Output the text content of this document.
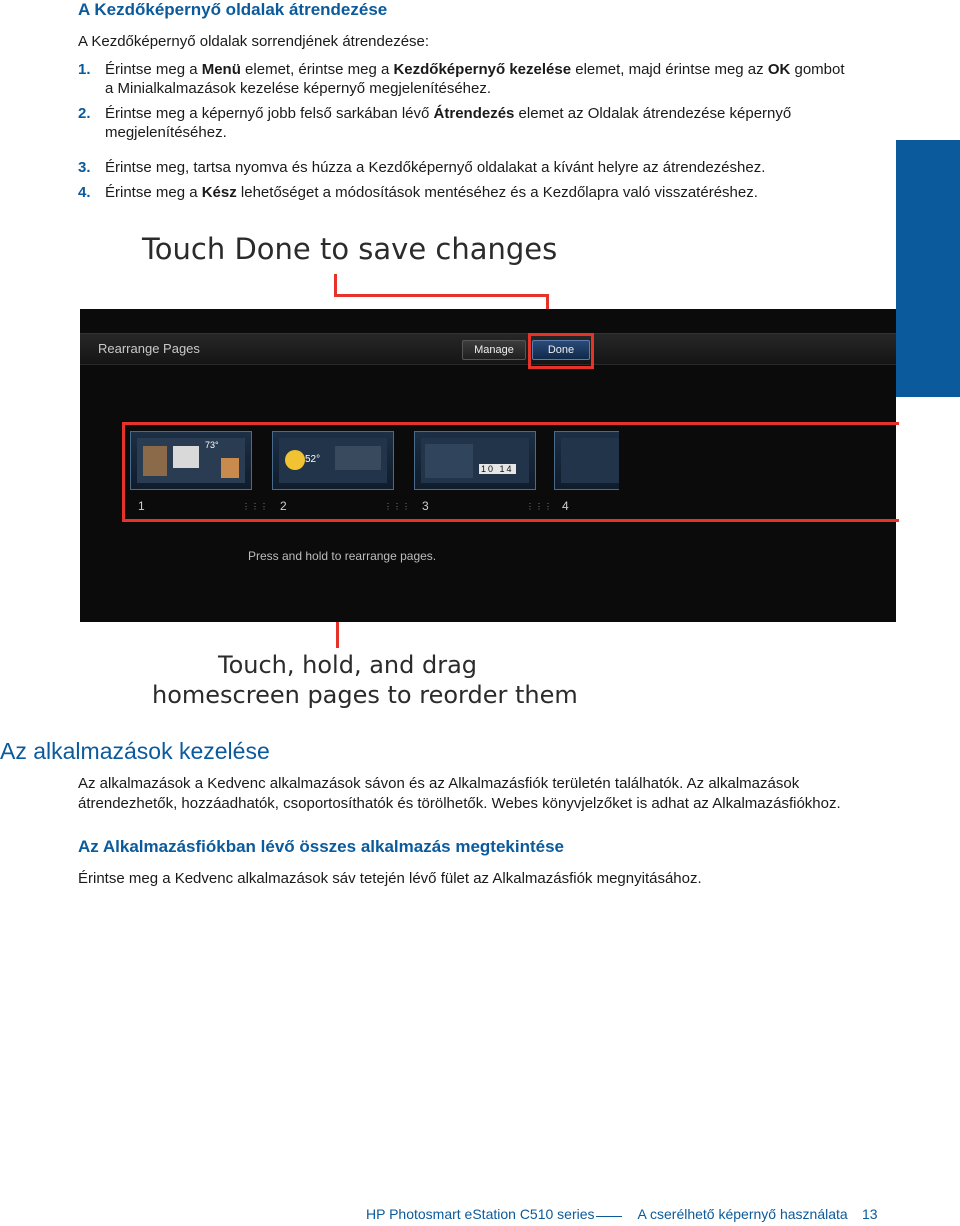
A Kezdőképernyő oldalak átrendezése
A Kezdőképernyő oldalak sorrendjének átrendezése:
1. Érintse meg a Menü elemet, érintse meg a Kezdőképernyő kezelése elemet, majd érintse meg az OK gombot
a Minialkalmazások kezelése képernyő megjelenítéséhez.
2. Érintse meg a képernyő jobb felső sarkában lévő Átrendezés elemet az Oldalak átrendezése képernyő
megjelenítéséhez.
3. Érintse meg, tartsa nyomva és húzza a Kezdőképernyő oldalakat a kívánt helyre az átrendezéshez.
4. Érintse meg a Kész lehetőséget a módosítások mentéséhez és a Kezdőlapra való visszatéréshez.
Touch Done to save changes
Rearrange Pages	Manage	Done
73°
52°
10 14
1	⋮⋮⋮ 2	⋮⋮⋮ 3	⋮⋮⋮ 4
Press and hold to rearrange pages.
Touch, hold, and drag
homescreen pages to reorder them
Az alkalmazások kezelése
Az alkalmazások a Kedvenc alkalmazások sávon és az Alkalmazásfiók területén találhatók. Az alkalmazások
átrendezhetők, hozzáadhatók, csoportosíthatók és törölhetők. Webes könyvjelzőket is adhat az Alkalmazásfiókhoz.
Az Alkalmazásfiókban lévő összes alkalmazás megtekintése
Érintse meg a Kedvenc alkalmazások sáv tetején lévő fület az Alkalmazásfiók megnyitásához.
HP Photosmart eStation C510 series	A cserélhető képernyő használata 13
